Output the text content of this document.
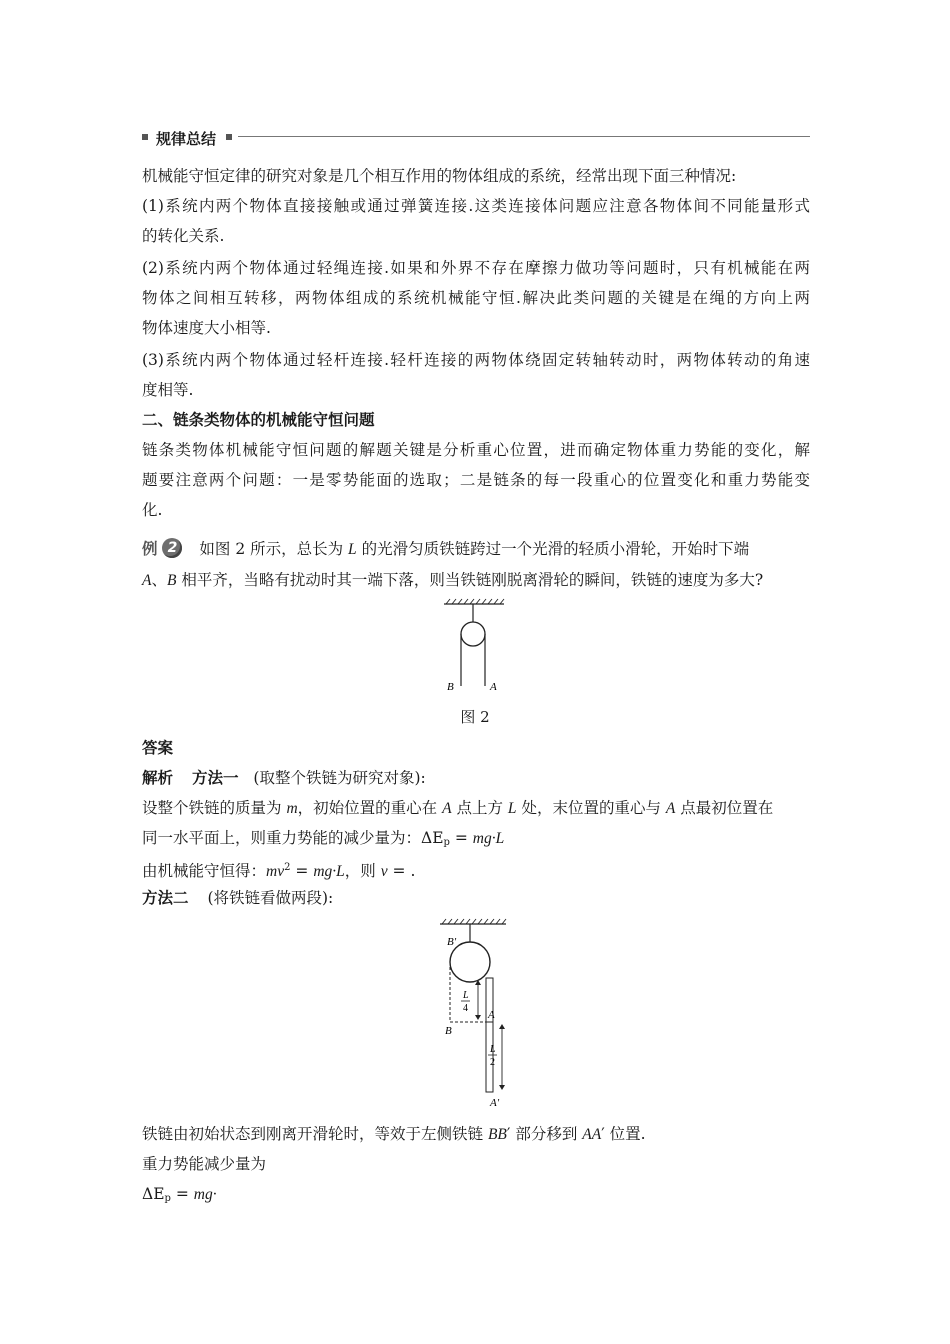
规律总结
机械能守恒定律的研究对象是几个相互作用的物体组成的系统，经常出现下面三种情况:
(1)系统内两个物体直接接触或通过弹簧连接.这类连接体问题应注意各物体间不同能量形式
的转化关系.
(2)系统内两个物体通过轻绳连接.如果和外界不存在摩擦力做功等问题时，只有机械能在两
物体之间相互转移，两物体组成的系统机械能守恒.解决此类问题的关键是在绳的方向上两
物体速度大小相等.
(3)系统内两个物体通过轻杆连接.轻杆连接的两物体绕固定转轴转动时，两物体转动的角速
度相等.
二、链条类物体的机械能守恒问题
链条类物体机械能守恒问题的解题关键是分析重心位置，进而确定物体重力势能的变化，解
题要注意两个问题：一是零势能面的选取；二是链条的每一段重心的位置变化和重力势能变
化.
例 2 如图 2 所示，总长为 L 的光滑匀质铁链跨过一个光滑的轻质小滑轮，开始时下端
A、B 相平齐，当略有扰动时其一端下落，则当铁链刚脱离滑轮的瞬间，铁链的速度为多大?
B	A
图 2
答案
解析 方法一 (取整个铁链为研究对象):
设整个铁链的质量为 m，初始位置的重心在 A 点上方 L 处，末位置的重心与 A 点最初位置在
同一水平面上，则重力势能的减少量为：$\Delta E_p = mg\cdot L$
由机械能守恒得：$mv^2 = mg\cdot L$，则 v = .
方法二 (将铁链看做两段):
B′
B
A
A′
L
4
L
2
铁链由初始状态到刚离开滑轮时，等效于左侧铁链 BB′ 部分移到 AA′ 位置.
重力势能减少量为
$\Delta E_p = mg\cdot$
